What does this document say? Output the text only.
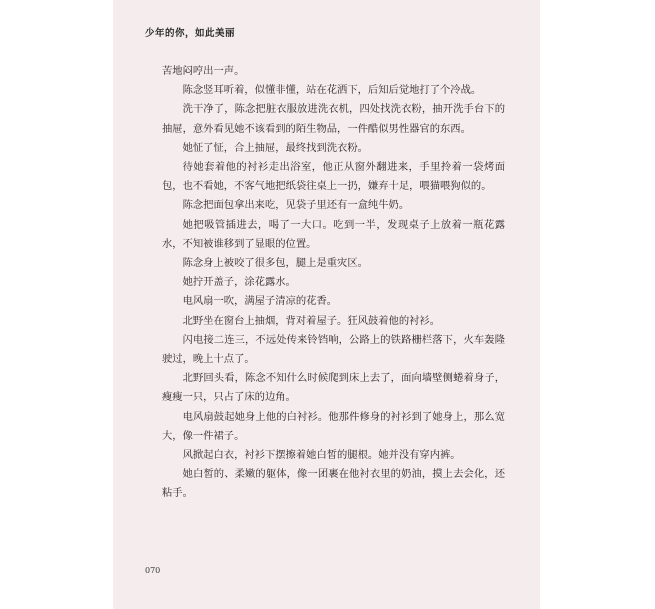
少年的你，如此美丽

苦地闷哼出一声。

陈念竖耳听着，似懂非懂，站在花洒下，后知后觉地打了个冷战。

洗干净了，陈念把脏衣服放进洗衣机，四处找洗衣粉，抽开洗手台下的抽屉，意外看见她不该看到的陌生物品，一件酷似男性器官的东西。

她怔了怔，合上抽屉，最终找到洗衣粉。

待她套着他的衬衫走出浴室，他正从窗外翻进来，手里拎着一袋烤面包，也不看她，不客气地把纸袋往桌上一扔，嫌弃十足，喂猫喂狗似的。

陈念把面包拿出来吃，见袋子里还有一盒纯牛奶。

她把吸管插进去，喝了一大口。吃到一半，发现桌子上放着一瓶花露水，不知被谁移到了显眼的位置。

陈念身上被咬了很多包，腿上是重灾区。

她拧开盖子，涂花露水。

电风扇一吹，满屋子清凉的花香。

北野坐在窗台上抽烟，背对着屋子。狂风鼓着他的衬衫。

闪电接二连三，不远处传来铃铛响，公路上的铁路栅栏落下，火车轰隆驶过，晚上十点了。

北野回头看，陈念不知什么时候爬到床上去了，面向墙壁侧蜷着身子，瘦瘦一只，只占了床的边角。

电风扇鼓起她身上他的白衬衫。他那件修身的衬衫到了她身上，那么宽大，像一件裙子。

风掀起白衣，衬衫下摆擦着她白皙的腿根。她并没有穿内裤。

她白皙的、柔嫩的躯体，像一团裹在他衬衣里的奶油，摸上去会化，还粘手。

070
